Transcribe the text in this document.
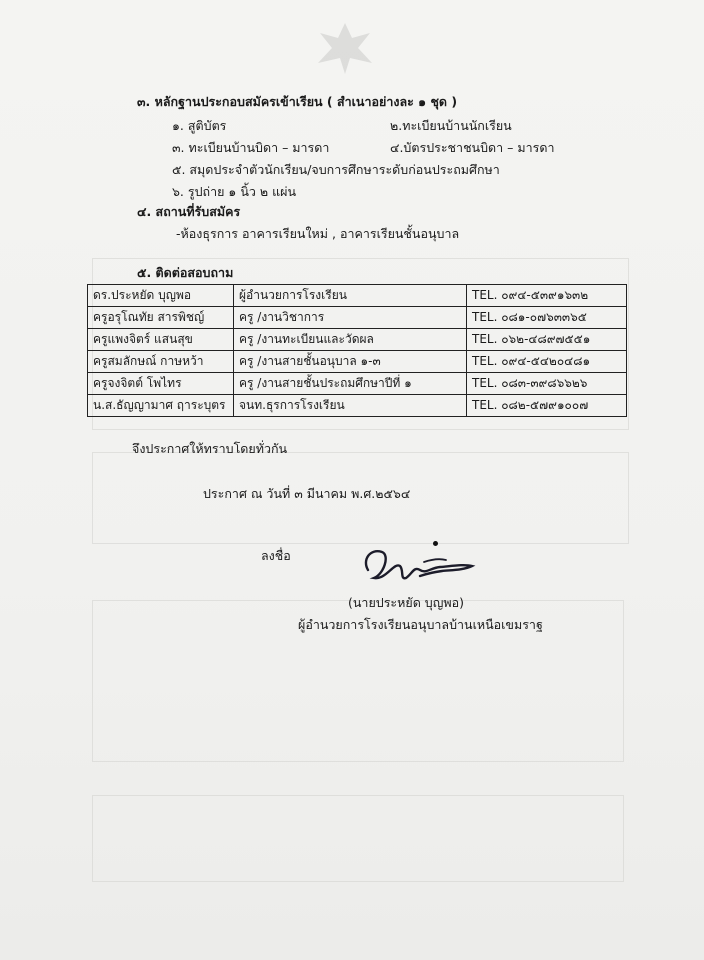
๓. หลักฐานประกอบสมัครเข้าเรียน ( สำเนาอย่างละ ๑ ชุด )
๑. สูติบัตร	๒.ทะเบียนบ้านนักเรียน
๓. ทะเบียนบ้านบิดา – มารดา	๔.บัตรประชาชนบิดา – มารดา
๕. สมุดประจำตัวนักเรียน/จบการศึกษาระดับก่อนประถมศึกษา
๖. รูปถ่าย ๑ นิ้ว ๒ แผ่น
๔. สถานที่รับสมัคร
-ห้องธุรการ อาคารเรียนใหม่ , อาคารเรียนชั้นอนุบาล
๕. ติดต่อสอบถาม
ดร.ประหยัด บุญพอ	ผู้อำนวยการโรงเรียน	TEL. ๐๙๔-๕๓๙๑๖๓๒
ครูอรุโณทัย สารพิชญ์	ครู /งานวิชาการ	TEL. ๐๘๑-๐๗๖๓๓๖๕
ครูแพงจิตร์ แสนสุข	ครู /งานทะเบียนและวัดผล	TEL. ๐๖๒-๔๘๙๗๕๕๑
ครูสมลักษณ์ กาษหว้า	ครู /งานสายชั้นอนุบาล ๑-๓	TEL. ๐๙๔-๕๔๒๐๔๘๑
ครูจงจิตต์ โพไทร	ครู /งานสายชั้นประถมศึกษาปีที่ ๑	TEL. ๐๘๓-๓๙๘๖๖๒๖
น.ส.ธัญญามาศ ฤาระบุตร	จนท.ธุรการโรงเรียน	TEL. ๐๘๒-๕๗๙๑๐๐๗
จึงประกาศให้ทราบโดยทั่วกัน
ประกาศ ณ วันที่ ๓ มีนาคม พ.ศ.๒๕๖๔
ลงชื่อ
(นายประหยัด บุญพอ)
ผู้อำนวยการโรงเรียนอนุบาลบ้านเหนือเขมราฐ
